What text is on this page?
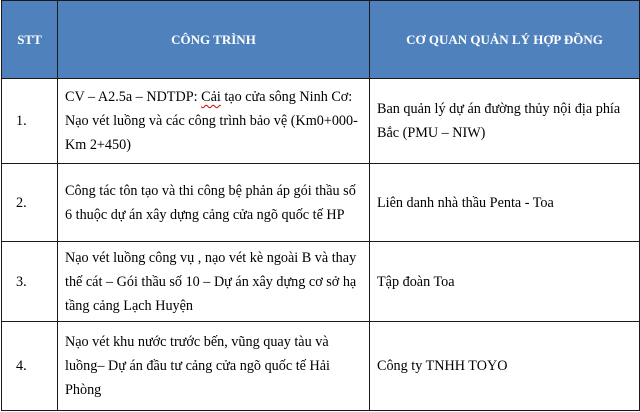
STT	CÔNG TRÌNH	CƠ QUAN QUẢN LÝ HỢP ĐỒNG
1.	CV – A2.5a – NDTDP: Cải tạo cửa sông Ninh Cơ: Nạo vét luồng và các công trình bảo vệ (Km0+000-Km 2+450)	Ban quản lý dự án đường thủy nội địa phía Bắc (PMU – NIW)
2.	Công tác tôn tạo và thi công bệ phản áp gói thầu số 6 thuộc dự án xây dựng cảng cửa ngõ quốc tế HP	Liên danh nhà thầu Penta - Toa
3.	Nạo vét luồng công vụ , nạo vét kè ngoài B và thay thế cát – Gói thầu số 10 – Dự án xây dựng cơ sở hạ tầng cảng Lạch Huyện	Tập đoàn Toa
4.	Nạo vét khu nước trước bến, vũng quay tàu và luồng– Dự án đầu tư cảng cửa ngõ quốc tế Hải Phòng	Công ty TNHH TOYO
